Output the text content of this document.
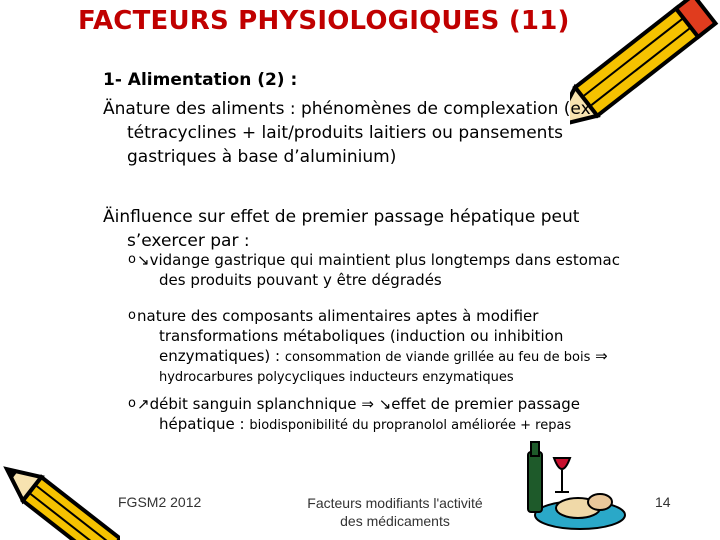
FACTEURS PHYSIOLOGIQUES (11)
1- Alimentation (2) :
Änature des aliments : phénomènes de complexation (ex
tétracyclines + lait/produits laitiers ou pansements
gastriques à base d’aluminium)
Äinfluence sur effet de premier passage hépatique peut
s’exercer par :
o ↘vidange gastrique qui maintient plus longtemps dans estomac
des produits pouvant y être dégradés
o nature des composants alimentaires aptes à modifier
transformations métaboliques (induction ou inhibition
enzymatiques) : consommation de viande grillée au feu de bois ⇒
hydrocarbures polycycliques inducteurs enzymatiques
o ↗débit sanguin splanchnique ⇒ ↘effet de premier passage
hépatique : biodisponibilité du propranolol améliorée + repas
FGSM2 2012	Facteurs modifiants l'activité
des médicaments
14
